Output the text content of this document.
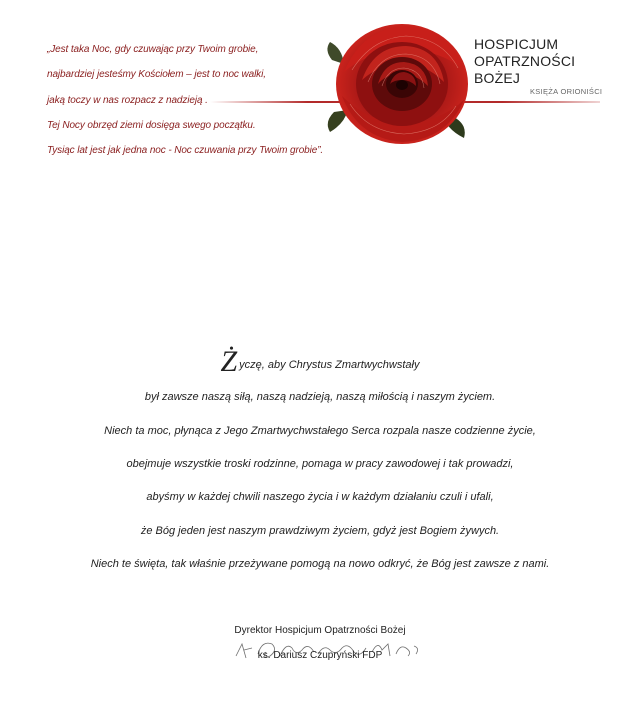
„Jest taka Noc, gdy czuwając przy Twoim grobie,
najbardziej jesteśmy Kościołem – jest to noc walki,
jaką toczy w nas rozpacz z nadzieją .
Tej Nocy obrzęd ziemi dosięga swego początku.
Tysiąc lat jest jak jedna noc - Noc czuwania przy Twoim grobie”.
HOSPICJUM
OPATRZNOŚCI
BOŻEJ
KSIĘŻA ORIONIŚCI
Życzę, aby Chrystus Zmartwychwstały
był zawsze naszą siłą, naszą nadzieją, naszą miłością i naszym życiem.
Niech ta moc, płynąca z Jego Zmartwychwstałego Serca rozpala nasze codzienne życie,
obejmuje wszystkie troski rodzinne, pomaga w pracy zawodowej i tak prowadzi,
abyśmy w każdej chwili naszego życia i w każdym działaniu czuli i ufali,
że Bóg jeden jest naszym prawdziwym życiem, gdyż jest Bogiem żywych.
Niech te święta, tak właśnie przeżywane pomogą na nowo odkryć, że Bóg jest zawsze z nami.
Dyrektor Hospicjum Opatrzności Bożej
ks. Dariusz Czupryński FDP
